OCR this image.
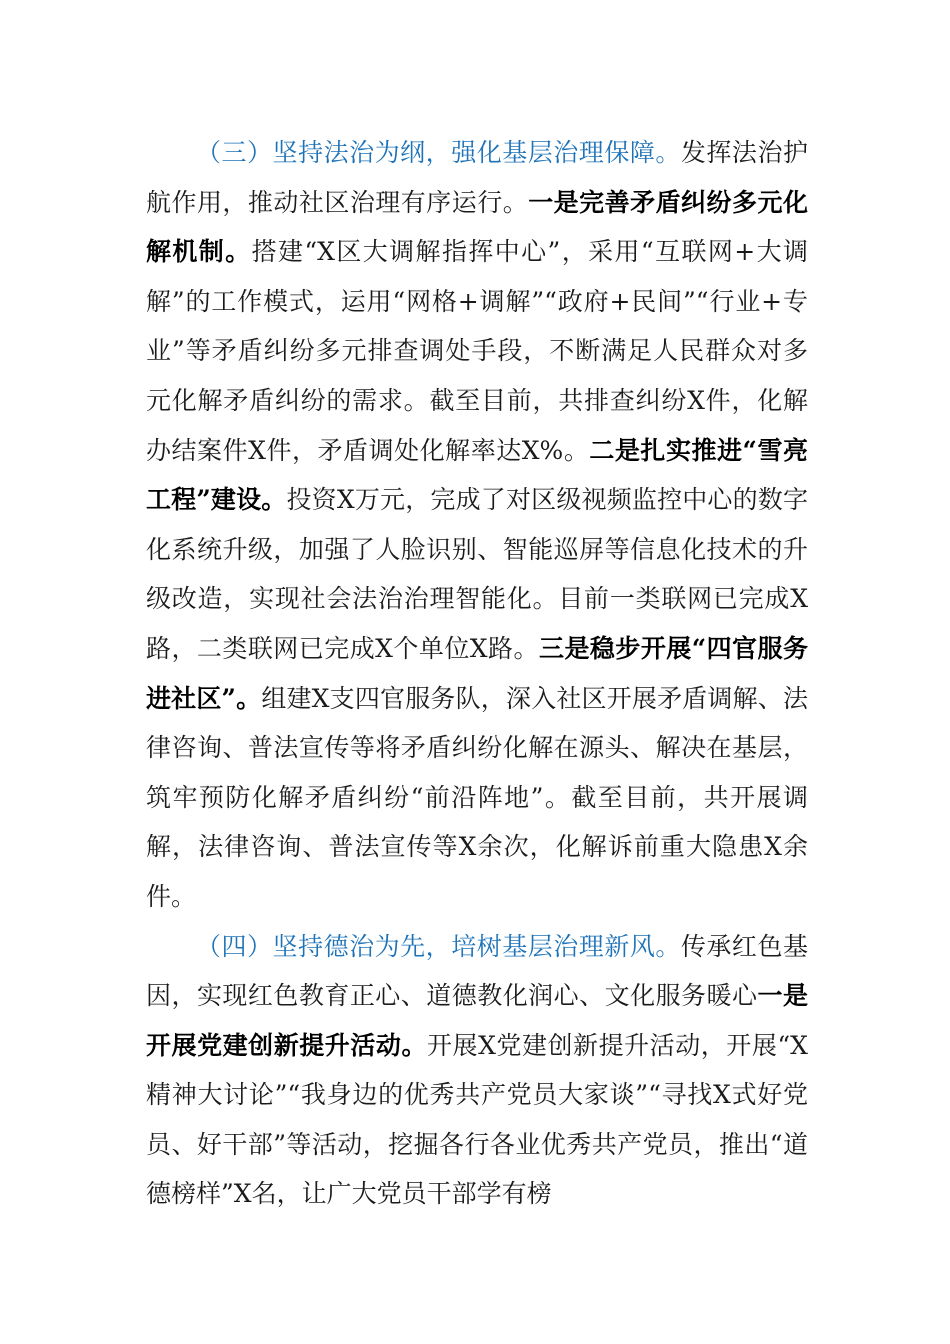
（三）坚持法治为纲，强化基层治理保障。发挥法治护航作用，推动社区治理有序运行。一是完善矛盾纠纷多元化解机制。搭建“X区大调解指挥中心”，采用“互联网+大调解”的工作模式，运用“网格+调解”“政府+民间”“行业+专业”等矛盾纠纷多元排查调处手段，不断满足人民群众对多元化解矛盾纠纷的需求。截至目前，共排查纠纷X件，化解办结案件X件，矛盾调处化解率达X%。二是扎实推进“雪亮工程”建设。投资X万元，完成了对区级视频监控中心的数字化系统升级，加强了人脸识别、智能巡屏等信息化技术的升级改造，实现社会法治治理智能化。目前一类联网已完成X路，二类联网已完成X个单位X路。三是稳步开展“四官服务进社区”。组建X支四官服务队，深入社区开展矛盾调解、法律咨询、普法宣传等将矛盾纠纷化解在源头、解决在基层，筑牢预防化解矛盾纠纷“前沿阵地”。截至目前，共开展调解，法律咨询、普法宣传等X余次，化解诉前重大隐患X余件。

（四）坚持德治为先，培树基层治理新风。传承红色基因，实现红色教育正心、道德教化润心、文化服务暖心一是开展党建创新提升活动。开展X党建创新提升活动，开展“X精神大讨论”“我身边的优秀共产党员大家谈”“寻找X式好党员、好干部”等活动，挖掘各行各业优秀共产党员，推出“道德榜样”X名，让广大党员干部学有榜
